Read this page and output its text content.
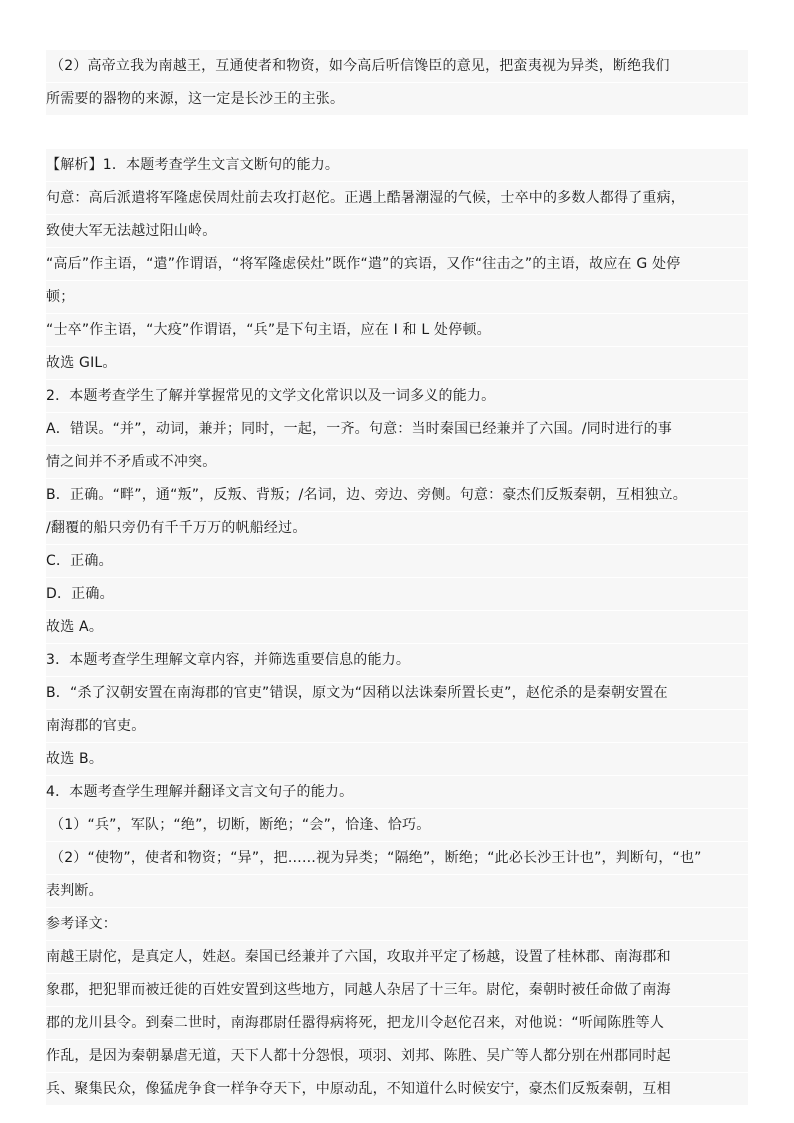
（2）高帝立我为南越王，互通使者和物资，如今高后听信馋臣的意见，把蛮夷视为异类，断绝我们
所需要的器物的来源，这一定是长沙王的主张。
【解析】1．本题考查学生文言文断句的能力。
句意：高后派遣将军隆虑侯周灶前去攻打赵佗。正遇上酷暑潮湿的气候，士卒中的多数人都得了重病，
致使大军无法越过阳山岭。
“高后”作主语，“遣”作谓语，“将军隆虑侯灶”既作“遣”的宾语，又作“往击之”的主语，故应在 G 处停
顿；
“士卒”作主语，“大疫”作谓语，“兵”是下句主语，应在 I 和 L 处停顿。
故选 GIL。
2．本题考查学生了解并掌握常见的文学文化常识以及一词多义的能力。
A．错误。“并”，动词，兼并；同时，一起，一齐。句意：当时秦国已经兼并了六国。/同时进行的事
情之间并不矛盾或不冲突。
B．正确。“畔”，通“叛”，反叛、背叛；/名词，边、旁边、旁侧。句意：豪杰们反叛秦朝，互相独立。
/翻覆的船只旁仍有千千万万的帆船经过。
C．正确。
D．正确。
故选 A。
3．本题考查学生理解文章内容，并筛选重要信息的能力。
B．“杀了汉朝安置在南海郡的官吏”错误，原文为“因稍以法诛秦所置长吏”，赵佗杀的是秦朝安置在
南海郡的官吏。
故选 B。
4．本题考查学生理解并翻译文言文句子的能力。
（1）“兵”，军队；“绝”，切断，断绝；“会”，恰逢、恰巧。
（2）“使物”，使者和物资；“异”，把……视为异类；“隔绝”，断绝；“此必长沙王计也”，判断句，“也”
表判断。
参考译文：
南越王尉佗，是真定人，姓赵。秦国已经兼并了六国，攻取并平定了杨越，设置了桂林郡、南海郡和
象郡，把犯罪而被迁徙的百姓安置到这些地方，同越人杂居了十三年。尉佗，秦朝时被任命做了南海
郡的龙川县令。到秦二世时，南海郡尉任嚣得病将死，把龙川令赵佗召来，对他说：“听闻陈胜等人
作乱，是因为秦朝暴虐无道，天下人都十分怨恨，项羽、刘邦、陈胜、吴广等人都分别在州郡同时起
兵、聚集民众，像猛虎争食一样争夺天下，中原动乱，不知道什么时候安宁，豪杰们反叛秦朝，互相
